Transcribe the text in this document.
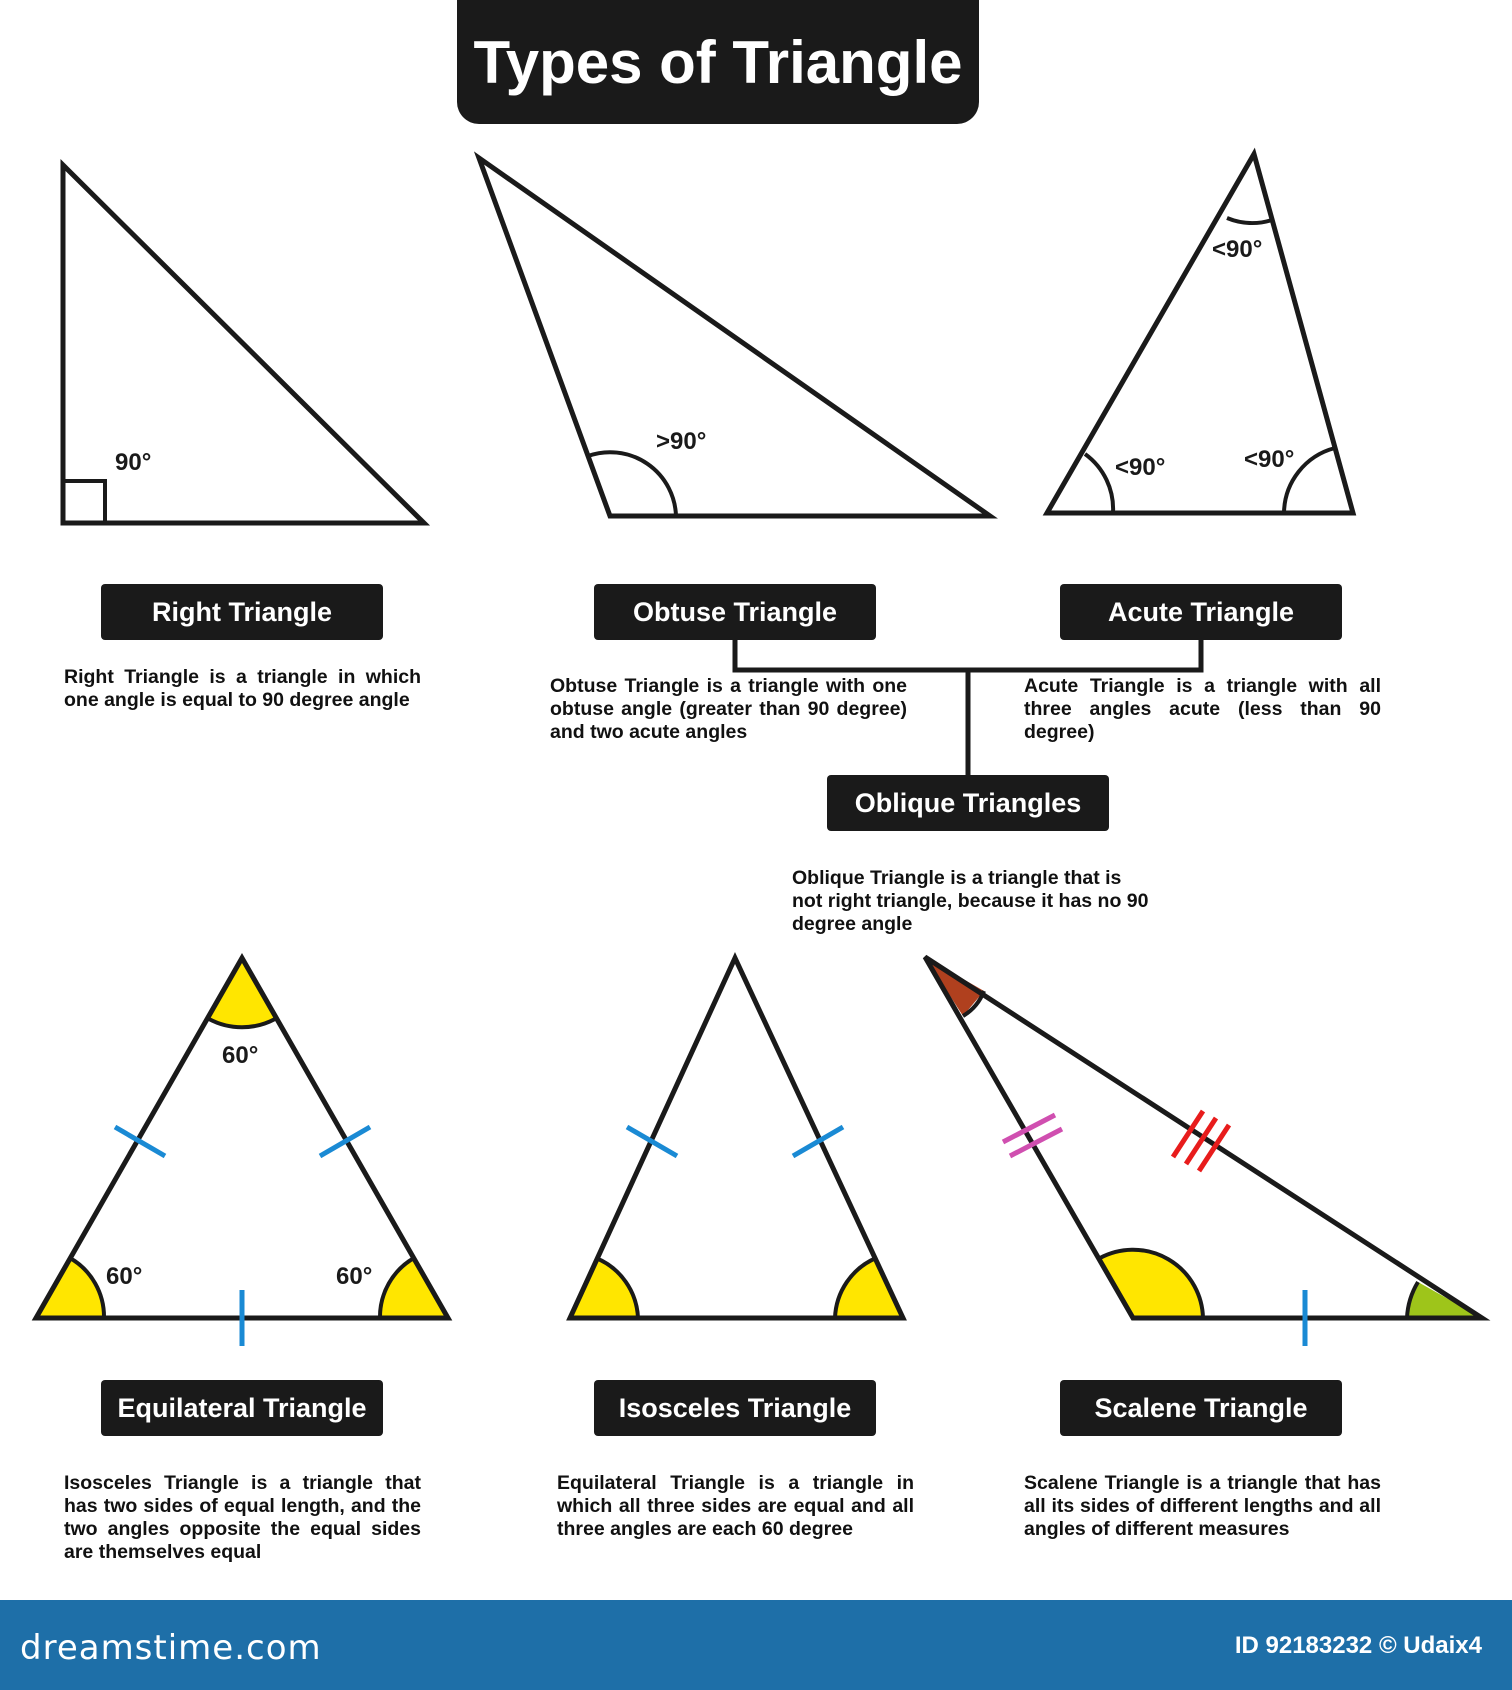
Types of Triangle
90°
>90°
<90°
<90°	<90°
60°
60°	60°
Right Triangle	Obtuse Triangle	Acute Triangle
Oblique Triangles
Equilateral Triangle	Isosceles Triangle	Scalene Triangle

Right Triangle is a triangle in which one angle is equal to 90 degree angle

Obtuse Triangle is a triangle with one obtuse angle (greater than 90 degree) and two acute angles

Acute Triangle is a triangle with all three angles acute (less than 90 degree)

Oblique Triangle is a triangle that is not right triangle, because it has no 90 degree angle

Isosceles Triangle is a triangle that has two sides of equal length, and the two angles opposite the equal sides are themselves equal

Equilateral Triangle is a triangle in which all three sides are equal and all three angles are each 60 degree

Scalene Triangle is a triangle that has all its sides of different lengths and all angles of different measures

dreamstime.com	ID 92183232 © Udaix4
